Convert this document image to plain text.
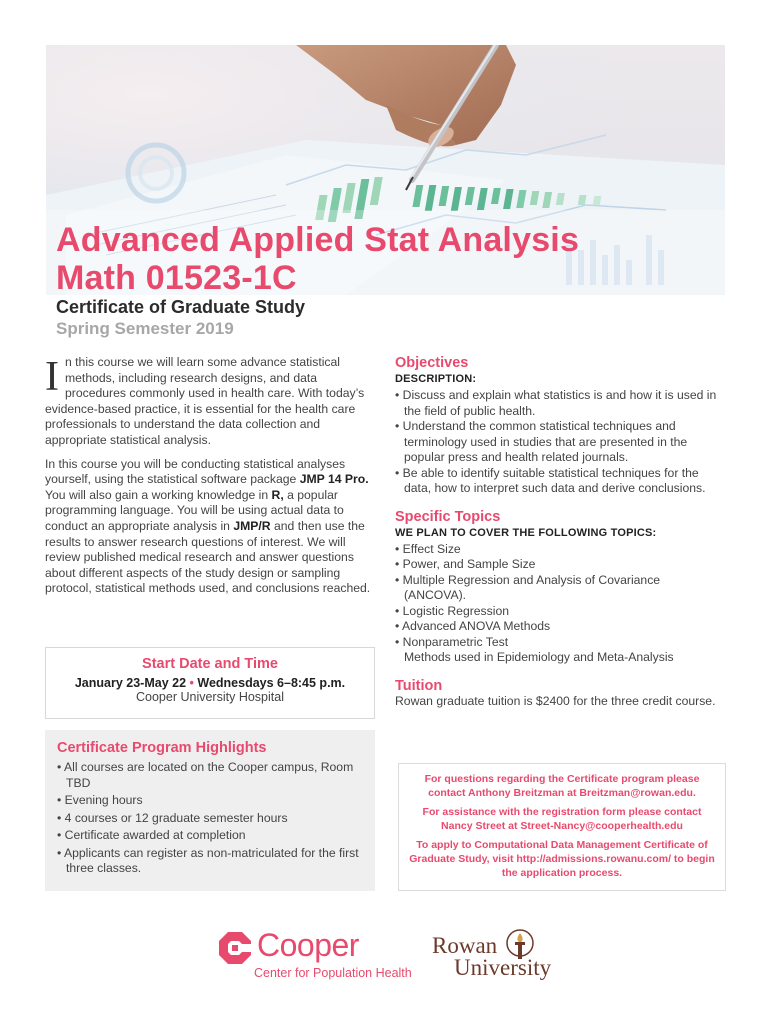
Advanced Applied Stat Analysis
Math 01523-1C
Certificate of Graduate Study
Spring Semester 2019
In this course we will learn some advance statistical methods, including research designs, and data procedures commonly used in health care. With today’s evidence-based practice, it is essential for the health care professionals to understand the data collection and appropriate statistical analysis.
In this course you will be conducting statistical analyses yourself, using the statistical software package JMP 14 Pro. You will also gain a working knowledge in R, a popular programming language. You will be using actual data to conduct an appropriate analysis in JMP/R and then use the results to answer research questions of interest. We will review published medical research and answer questions about different aspects of the study design or sampling protocol, statistical methods used, and conclusions reached.
Start Date and Time
January 23-May 22 • Wednesdays 6–8:45 p.m.
Cooper University Hospital
Certificate Program Highlights
• All courses are located on the Cooper campus, Room TBD
• Evening hours
• 4 courses or 12 graduate semester hours
• Certificate awarded at completion
• Applicants can register as non-matriculated for the first three classes.
Objectives
DESCRIPTION:
• Discuss and explain what statistics is and how it is used in the field of public health.
• Understand the common statistical techniques and terminology used in studies that are presented in the popular press and health related journals.
• Be able to identify suitable statistical techniques for the data, how to interpret such data and derive conclusions.
Specific Topics
WE PLAN TO COVER THE FOLLOWING TOPICS:
• Effect Size
• Power, and Sample Size
• Multiple Regression and Analysis of Covariance (ANCOVA).
• Logistic Regression
• Advanced ANOVA Methods
• Nonparametric Test
Methods used in Epidemiology and Meta-Analysis
Tuition
Rowan graduate tuition is $2400 for the three credit course.

For questions regarding the Certificate program please contact Anthony Breitzman at Breitzman@rowan.edu.

For assistance with the registration form please contact Nancy Street at Street-Nancy@cooperhealth.edu

To apply to Computational Data Management Certificate of Graduate Study, visit http://admissions.rowanu.com/ to begin the application process.

Cooper
Center for Population Health
Rowan
University
